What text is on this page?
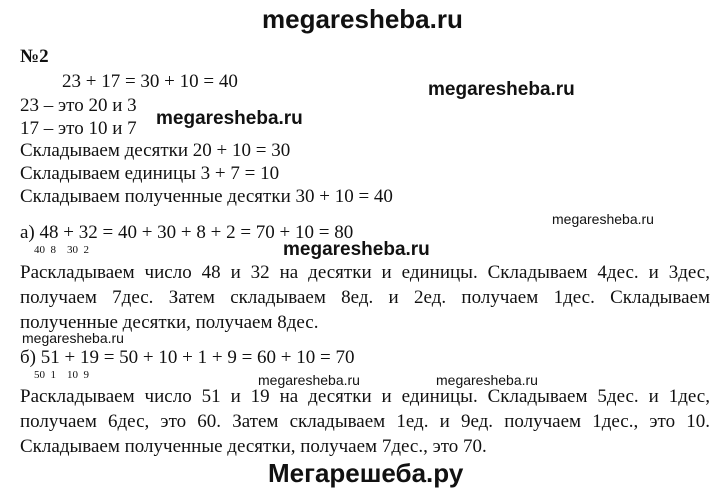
megaresheba.ru
megaresheba.ru
megaresheba.ru
megaresheba.ru
megaresheba.ru
megaresheba.ru
megaresheba.ru	megaresheba.ru
Мегарешеба.ру
№2
23 + 17 = 30 + 10 = 40
23 – это 20 и 3
17 – это 10 и 7
Складываем десятки 20 + 10 = 30
Складываем единицы 3 + 7 = 10
Складываем полученные десятки 30 + 10 = 40
а) 48 + 32 = 40 + 30 + 8 + 2 = 70 + 10 = 80
40  8    30  2
Раскладываем число 48 и 32 на десятки и единицы. Складываем 4дес. и 3дес,
получаем 7дес. Затем складываем 8ед. и 2ед. получаем 1дес. Складываем
полученные десятки, получаем 8дес.
б) 51 + 19 = 50 + 10 + 1 + 9 = 60 + 10 = 70
50  1    10  9
Раскладываем число 51 и 19 на десятки и единицы. Складываем 5дес. и 1дес,
получаем 6дес, это 60. Затем складываем 1ед. и 9ед. получаем 1дес., это 10.
Складываем полученные десятки, получаем 7дес., это 70.
